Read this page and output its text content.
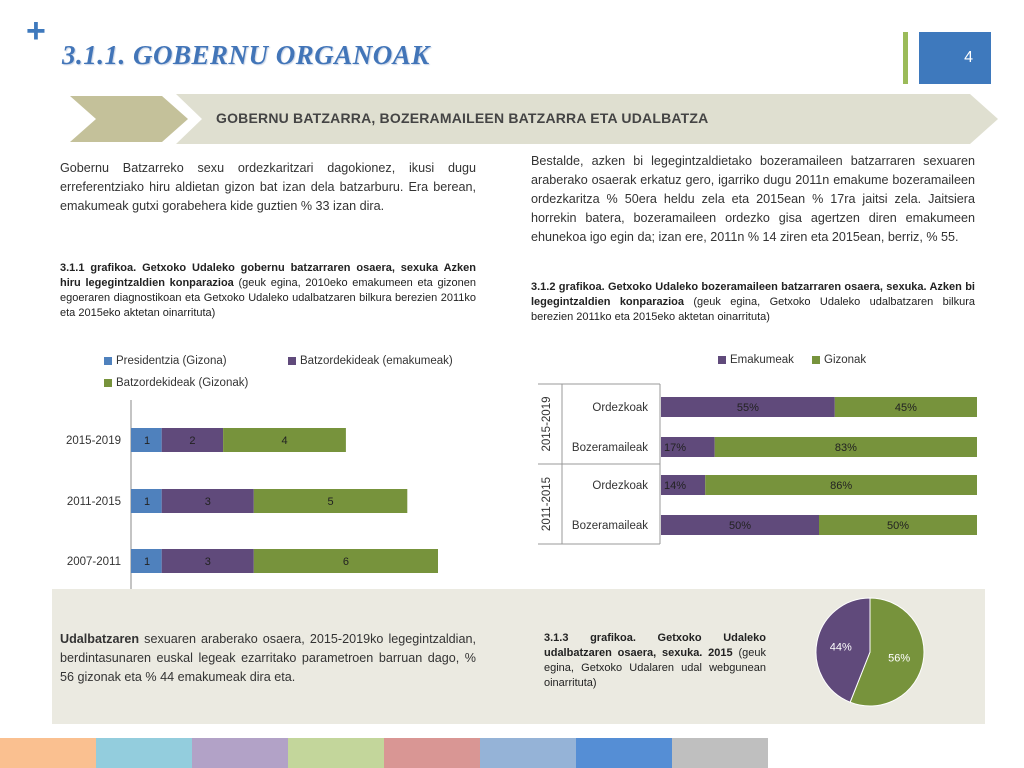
+
3.1.1. GOBERNU ORGANOAK	4
GOBERNU BATZARRA, BOZERAMAILEEN BATZARRA ETA UDALBATZA
Gobernu Batzarreko sexu ordezkaritzari dagokionez, ikusi dugu erreferentziako hiru aldietan gizon bat izan dela batzarburu. Era berean, emakumeak gutxi gorabehera kide guztien % 33 izan dira.
3.1.1 grafikoa. Getxoko Udaleko gobernu batzarraren osaera, sexuka Azken hiru legegintzaldien konparazioa (geuk egina, 2010eko emakumeen eta gizonen egoeraren diagnostikoan eta Getxoko Udaleko udalbatzaren bilkura berezien 2011ko eta 2015eko aktetan oinarrituta)
Bestalde, azken bi legegintzaldietako bozeramaileen batzarraren sexuaren araberako osaerak erkatuz gero, igarriko dugu 2011n emakume bozeramaileen ordezkaritza % 50era heldu zela eta 2015ean % 17ra jaitsi zela. Jaitsiera horrekin batera, bozeramaileen ordezko gisa agertzen diren emakumeen ehunekoa igo egin da; izan ere, 2011n % 14 ziren eta 2015ean, berriz, % 55.
3.1.2 grafikoa. Getxoko Udaleko bozeramaileen batzarraren osaera, sexuka. Azken bi legegintzaldien konparazioa (geuk egina, Getxoko Udaleko udalbatzaren bilkura berezien 2011ko eta 2015eko aktetan oinarrituta)
Presidentzia (Gizona)	Batzordekideak (emakumeak)
Batzordekideak (Gizonak)
2015-2019 1	2	4
2011-2015 1	3	5
2007-2011 1	3	6
Emakumeak	Gizonak
2015-2019	Ordezkoak	55%	45%
Bozeramaileak 17%	83%
2011-2015	Ordezkoak 14%	86%
Bozeramaileak	50%	50%
Udalbatzaren sexuaren araberako osaera, 2015-2019ko legegintzaldian, berdintasunaren euskal legeak ezarritako parametroen barruan dago, % 56 gizonak eta % 44 emakumeak dira eta.
3.1.3 grafikoa. Getxoko Udaleko udalbatzaren osaera, sexuka. 2015 (geuk egina, Getxoko Udalaren udal webgunean oinarrituta)
56%
44%
